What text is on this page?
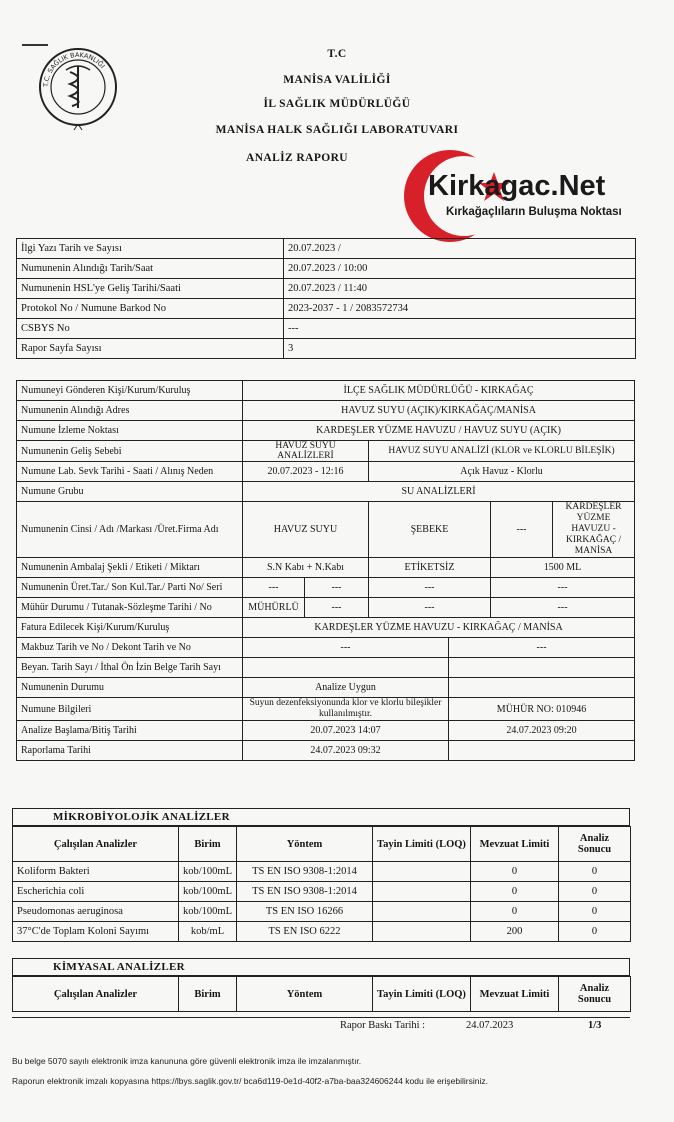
T.C. SAĞLIK BAKANLIĞI
T.C
MANİSA VALİLİĞİ
İL SAĞLIK MÜDÜRLÜĞÜ
MANİSA HALK SAĞLIĞI LABORATUVARI
ANALİZ RAPORU
Kirkagac.Net
Kırkağaçlıların Buluşma Noktası
İlgi Yazı Tarih ve Sayısı	20.07.2023 /
Numunenin Alındığı Tarih/Saat	20.07.2023 / 10:00
Numunenin HSL'ye Geliş Tarihi/Saati	20.07.2023 / 11:40
Protokol No / Numune Barkod No	2023-2037 - 1 / 2083572734
CSBYS No	---
Rapor Sayfa Sayısı	3
Numuneyi Gönderen Kişi/Kurum/Kuruluş	İLÇE SAĞLIK MÜDÜRLÜĞÜ - KIRKAĞAÇ					
Numunenin Alındığı Adres	HAVUZ SUYU (AÇIK)/KIRKAĞAÇ/MANİSA					
Numune İzleme Noktası	KARDEŞLER YÜZME HAVUZU / HAVUZ SUYU (AÇIK)					
Numunenin Geliş Sebebi	HAVUZ SUYU ANALİZLERİ		HAVUZ SUYU ANALİZİ (KLOR ve KLORLU BİLEŞİK)			
Numune Lab. Sevk Tarihi - Saati / Alınış Neden	20.07.2023 - 12:16		Açık Havuz - Klorlu			
Numune Grubu	SU ANALİZLERİ					
Numunenin Cinsi / Adı /Markası /Üret.Firma Adı	HAVUZ SUYU		ŞEBEKE		---	KARDEŞLER YÜZME HAVUZU - KIRKAĞAÇ / MANİSA
Numunenin Ambalaj Şekli / Etiketi / Miktarı	S.N Kabı + N.Kabı		ETİKETSİZ		1500 ML	
Numunenin Üret.Tar./ Son Kul.Tar./ Parti No/ Seri	---	---	---		---	
Mühür Durumu / Tutanak-Sözleşme Tarihi / No	MÜHÜRLÜ	---	---		---	
Fatura Edilecek Kişi/Kurum/Kuruluş	KARDEŞLER YÜZME HAVUZU - KIRKAĞAÇ / MANİSA					
Makbuz Tarih ve No / Dekont Tarih ve No	---			---		
Beyan. Tarih Sayı / İthal Ön İzin Belge Tarih Sayı						
Numunenin Durumu	Analize Uygun					
Numune Bilgileri	Suyun dezenfeksiyonunda klor ve klorlu bileşikler kullanılmıştır.			MÜHÜR NO: 010946		
Analize Başlama/Bitiş Tarihi	20.07.2023 14:07			24.07.2023 09:20		
Raporlama Tarihi	24.07.2023 09:32					
MİKROBİYOLOJİK ANALİZLER
Çalışılan Analizler	Birim	Yöntem	Tayin Limiti (LOQ)	Mevzuat Limiti	Analiz Sonucu
Koliform Bakteri	kob/100mL	TS EN ISO 9308-1:2014		0	0
Escherichia coli	kob/100mL	TS EN ISO 9308-1:2014		0	0
Pseudomonas aeruginosa	kob/100mL	TS EN ISO 16266		0	0
37°C'de Toplam Koloni Sayımı	kob/mL	TS EN ISO 6222		200	0
KİMYASAL ANALİZLER
Çalışılan Analizler	Birim	Yöntem	Tayin Limiti (LOQ)	Mevzuat Limiti	Analiz Sonucu
Rapor Baskı Tarihi :	24.07.2023	1/3
Bu belge 5070 sayılı elektronik imza kanununa göre güvenli elektronik imza ile imzalanmıştır.
Raporun elektronik imzalı kopyasına https://lbys.saglik.gov.tr/ bca6d119-0e1d-40f2-a7ba-baa324606244 kodu ile erişebilirsiniz.
